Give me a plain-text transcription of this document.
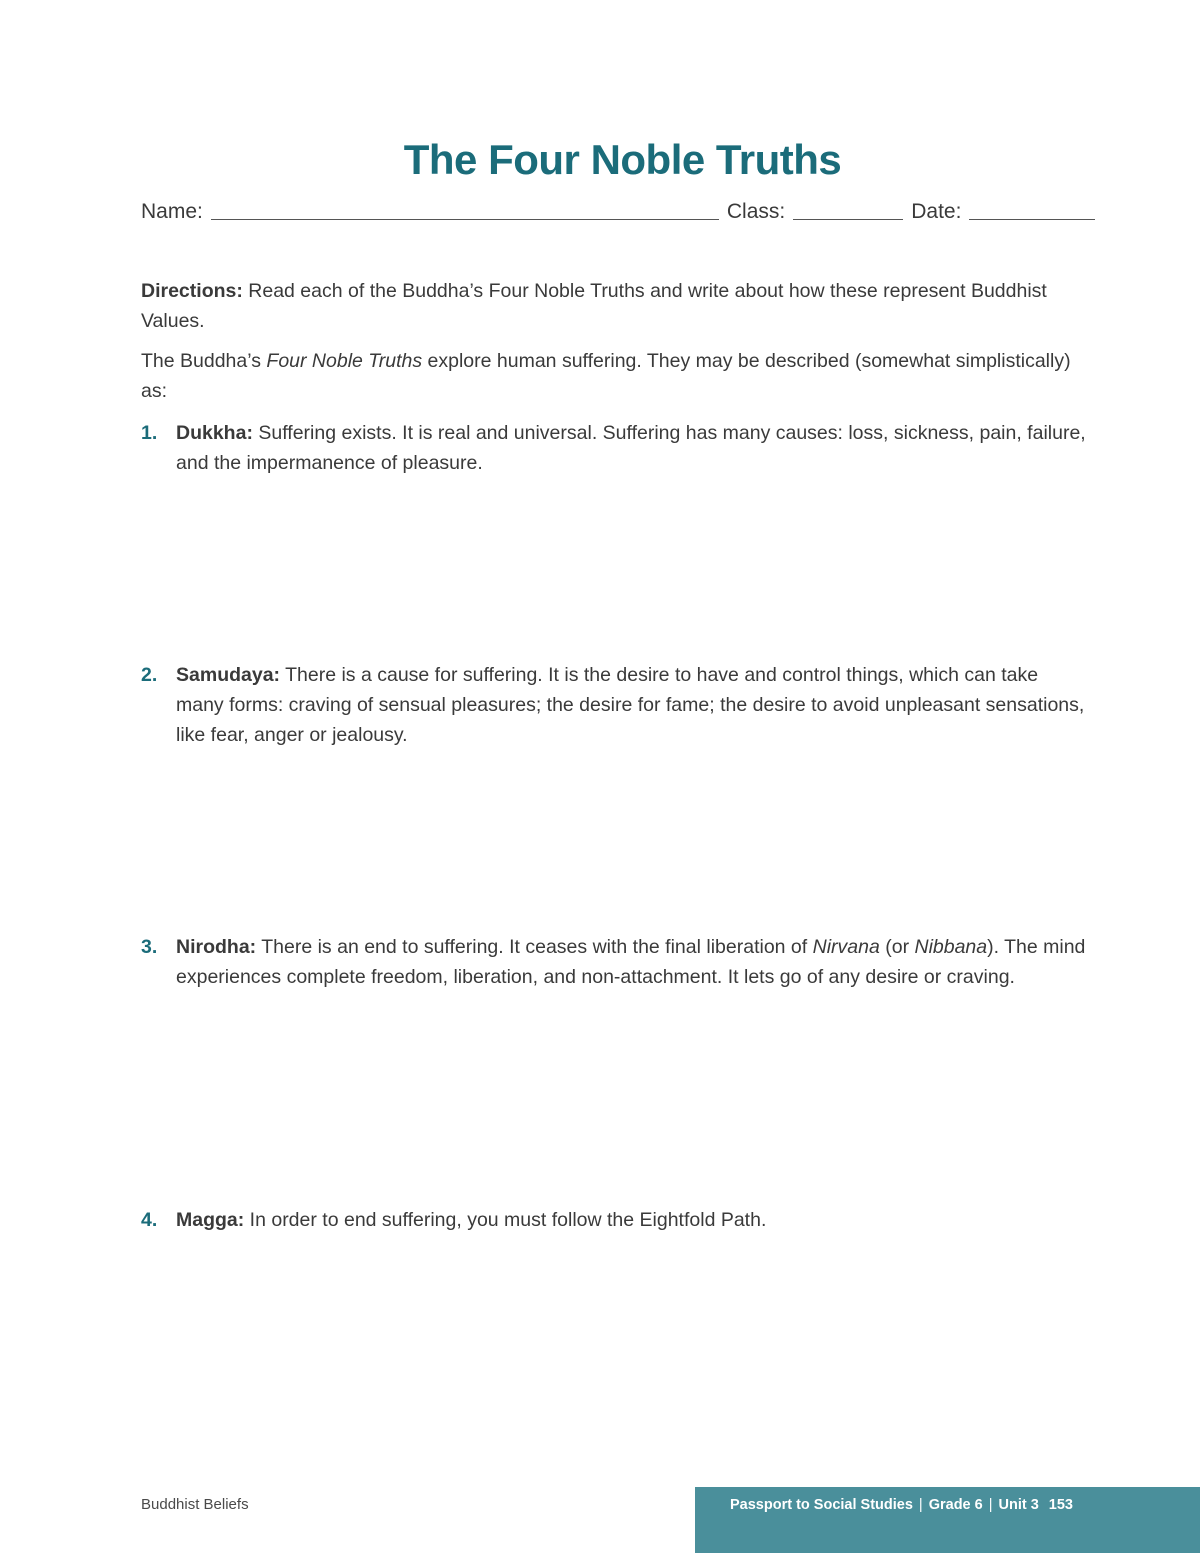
The Four Noble Truths
Name:	Class:	Date:
Directions: Read each of the Buddha’s Four Noble Truths and write about how these represent Buddhist Values.
The Buddha’s Four Noble Truths explore human suffering. They may be described (somewhat simplistically) as:
1. Dukkha: Suffering exists. It is real and universal. Suffering has many causes: loss, sickness, pain, failure, and the impermanence of pleasure.
2. Samudaya: There is a cause for suffering. It is the desire to have and control things, which can take many forms: craving of sensual pleasures; the desire for fame; the desire to avoid unpleasant sensations, like fear, anger or jealousy.
3. Nirodha: There is an end to suffering. It ceases with the final liberation of Nirvana (or Nibbana). The mind experiences complete freedom, liberation, and non-attachment. It lets go of any desire or craving.
4. Magga: In order to end suffering, you must follow the Eightfold Path.
Buddhist Beliefs	Passport to Social Studies | Grade 6 | Unit 3 153
